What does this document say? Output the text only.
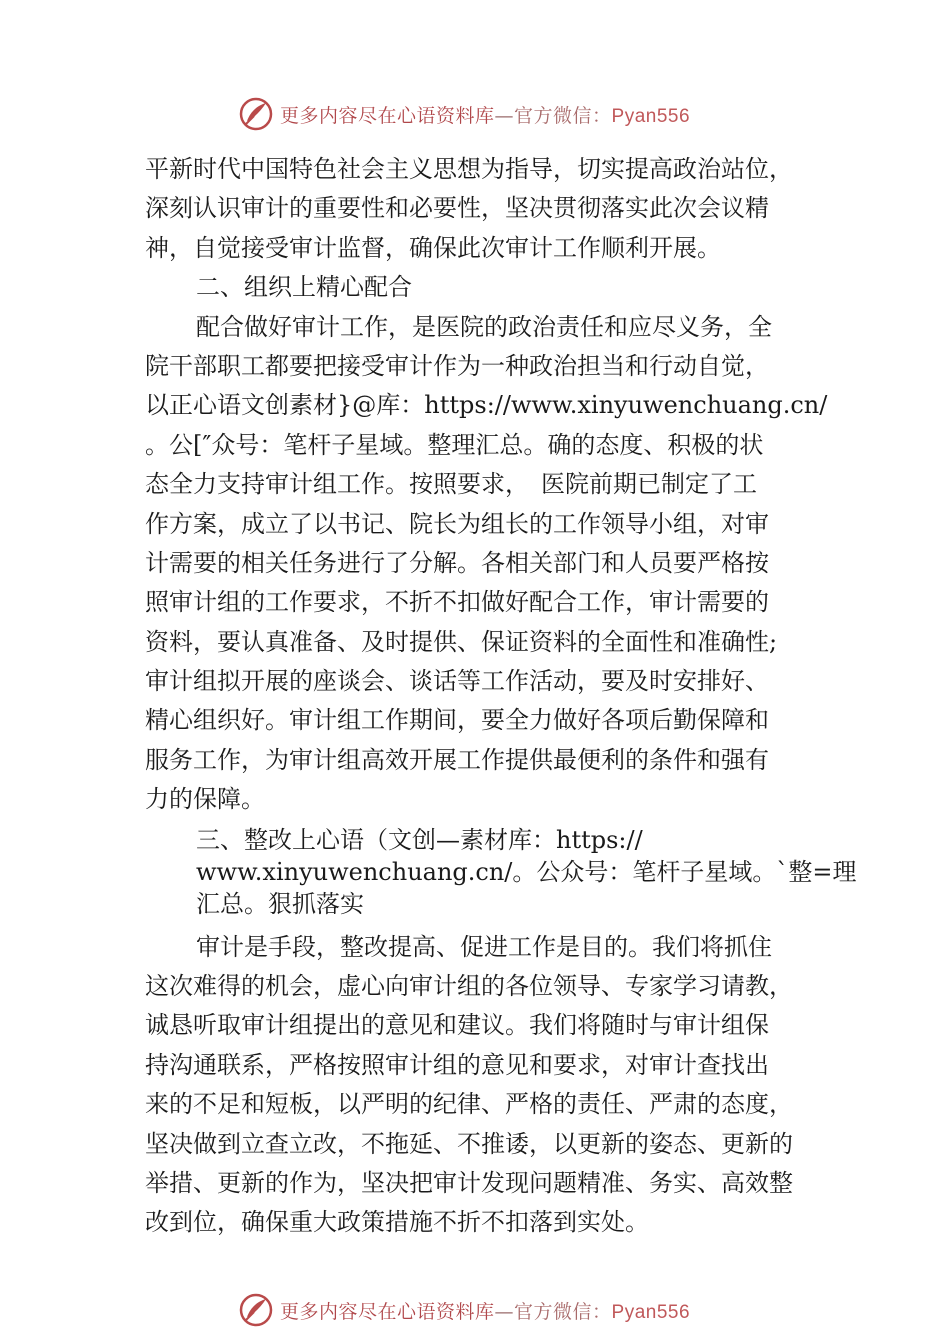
更多内容尽在心语资料库—官方微信：Pyan556
平新时代中国特色社会主义思想为指导，切实提高政治站位，
深刻认识审计的重要性和必要性，坚决贯彻落实此次会议精
神，自觉接受审计监督，确保此次审计工作顺利开展。
二、组织上精心配合
配合做好审计工作，是医院的政治责任和应尽义务，全
院干部职工都要把接受审计作为一种政治担当和行动自觉，
以正心语文创素材}@库：https://www.xinyuwenchuang.cn/
。公[″众号：笔杆子星域。整理汇总。确的态度、积极的状
态全力支持审计组工作。按照要求，　医院前期已制定了工
作方案，成立了以书记、院长为组长的工作领导小组，对审
计需要的相关任务进行了分解。各相关部门和人员要严格按
照审计组的工作要求，不折不扣做好配合工作，审计需要的
资料，要认真准备、及时提供、保证资料的全面性和准确性;
审计组拟开展的座谈会、谈话等工作活动，要及时安排好、
精心组织好。审计组工作期间，要全力做好各项后勤保障和
服务工作，为审计组高效开展工作提供最便利的条件和强有
力的保障。
三、整改上心语（文创—素材库：https://
www.xinyuwenchuang.cn/。公众号：笔杆子星域。`整=理
汇总。狠抓落实
审计是手段，整改提高、促进工作是目的。我们将抓住
这次难得的机会，虚心向审计组的各位领导、专家学习请教，
诚恳听取审计组提出的意见和建议。我们将随时与审计组保
持沟通联系，严格按照审计组的意见和要求，对审计查找出
来的不足和短板，以严明的纪律、严格的责任、严肃的态度，
坚决做到立查立改，不拖延、不推诿，以更新的姿态、更新的
举措、更新的作为，坚决把审计发现问题精准、务实、高效整
改到位，确保重大政策措施不折不扣落到实处。
更多内容尽在心语资料库—官方微信：Pyan556
